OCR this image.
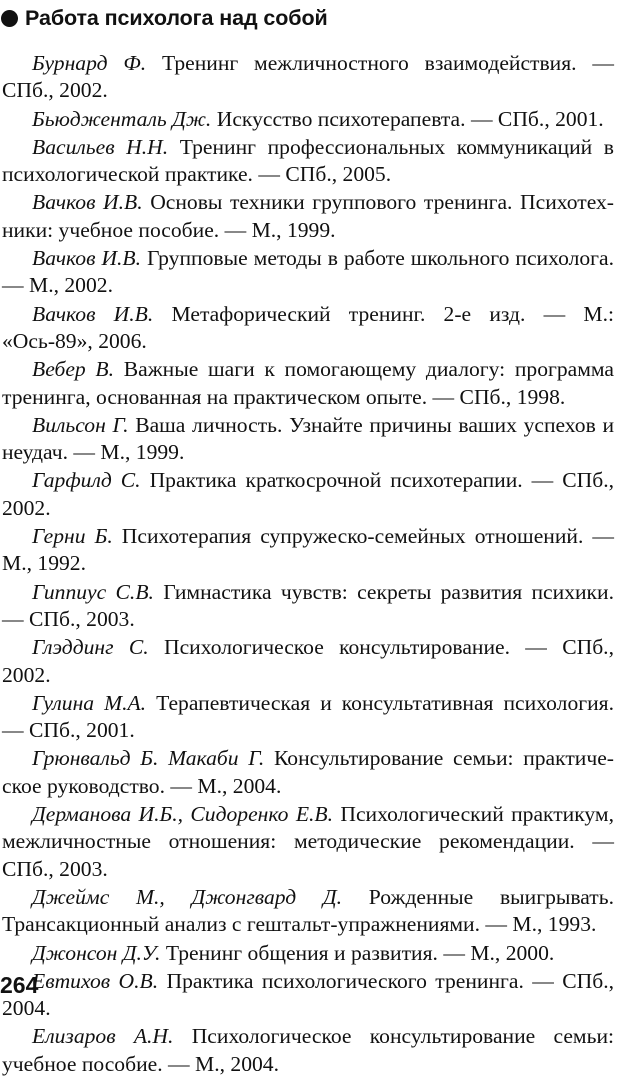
Работа психолога над собой

Бурнард Ф. Тренинг межличностного взаимодействия. — СПб., 2002.

Бьюдженталь Дж. Искусство психотерапевта. — СПб., 2001.

Васильев Н.Н. Тренинг профессиональных коммуникаций в психологической практике. — СПб., 2005.

Вачков И.В. Основы техники группового тренинга. Психотехники: учебное пособие. — М., 1999.

Вачков И.В. Групповые методы в работе школьного психолога. — М., 2002.

Вачков И.В. Метафорический тренинг. 2-е изд. — М.: «Ось-89», 2006.

Вебер В. Важные шаги к помогающему диалогу: программа тренинга, основанная на практическом опыте. — СПб., 1998.

Вильсон Г. Ваша личность. Узнайте причины ваших успехов и неудач. — М., 1999.

Гарфилд С. Практика краткосрочной психотерапии. — СПб., 2002.

Герни Б. Психотерапия супружеско-семейных отношений. — М., 1992.

Гиппиус С.В. Гимнастика чувств: секреты развития психики. — СПб., 2003.

Глэддинг С. Психологическое консультирование. — СПб., 2002.

Гулина М.А. Терапевтическая и консультативная психология. — СПб., 2001.

Грюнвальд Б. Макаби Г. Консультирование семьи: практическое руководство. — М., 2004.

Дерманова И.Б., Сидоренко Е.В. Психологический практикум, межличностные отношения: методические рекомендации. — СПб., 2003.

Джеймс М., Джонгвард Д. Рожденные выигрывать. Трансакционный анализ с гештальт-упражнениями. — М., 1993.

Джонсон Д.У. Тренинг общения и развития. — М., 2000.

Евтихов О.В. Практика психологического тренинга. — СПб., 2004.

Елизаров А.Н. Психологическое консультирование семьи: учебное пособие. — М., 2004.

264
